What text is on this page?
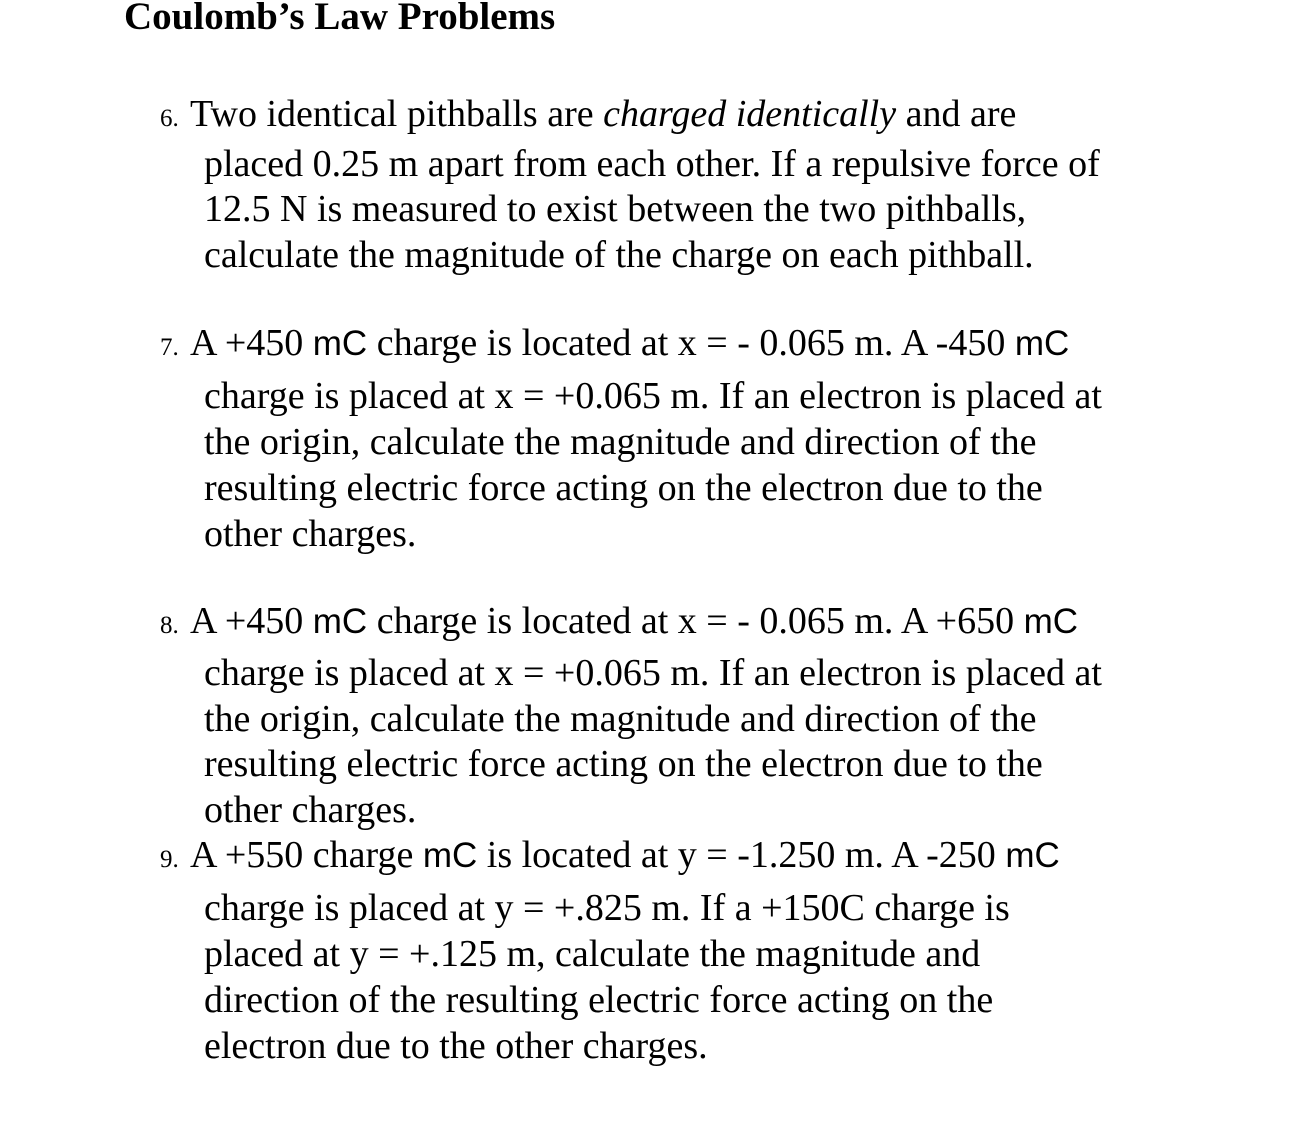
Coulomb’s Law Problems
6. Two identical pithballs are charged identically and are
placed 0.25 m apart from each other. If a repulsive force of
12.5 N is measured to exist between the two pithballs,
calculate the magnitude of the charge on each pithball.
7. A +450 mC charge is located at x = - 0.065 m. A -450 mC
charge is placed at x = +0.065 m. If an electron is placed at
the origin, calculate the magnitude and direction of the
resulting electric force acting on the electron due to the
other charges.
8. A +450 mC charge is located at x = - 0.065 m. A +650 mC
charge is placed at x = +0.065 m. If an electron is placed at
the origin, calculate the magnitude and direction of the
resulting electric force acting on the electron due to the
other charges.
9. A +550 charge mC is located at y = -1.250 m. A -250 mC
charge is placed at y = +.825 m. If a +150C charge is
placed at y = +.125 m, calculate the magnitude and
direction of the resulting electric force acting on the
electron due to the other charges.
